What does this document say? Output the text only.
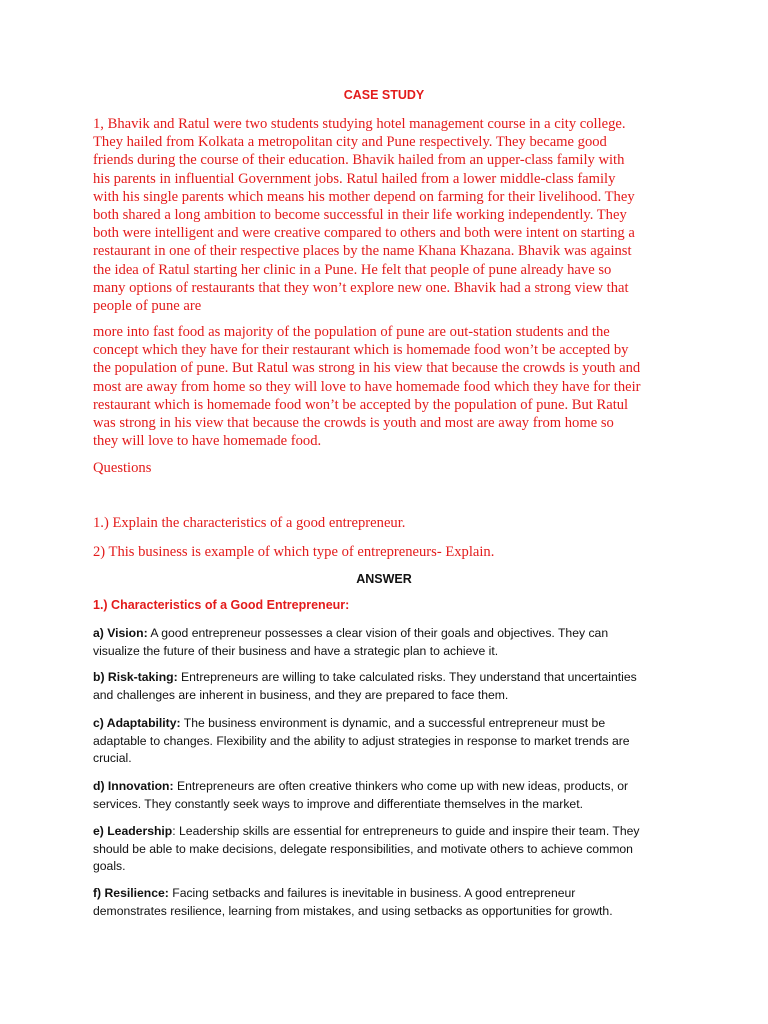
CASE STUDY
1, Bhavik and Ratul were two students studying hotel management course in a city college.
They hailed from Kolkata a metropolitan city and Pune respectively. They became good
friends during the course of their education. Bhavik hailed from an upper-class family with
his parents in influential Government jobs. Ratul hailed from a lower middle-class family
with his single parents which means his mother depend on farming for their livelihood. They
both shared a long ambition to become successful in their life working independently. They
both were intelligent and were creative compared to others and both were intent on starting a
restaurant in one of their respective places by the name Khana Khazana. Bhavik was against
the idea of Ratul starting her clinic in a Pune. He felt that people of pune already have so
many options of restaurants that they won’t explore new one. Bhavik had a strong view that
people of pune are
more into fast food as majority of the population of pune are out-station students and the
concept which they have for their restaurant which is homemade food won’t be accepted by
the population of pune. But Ratul was strong in his view that because the crowds is youth and
most are away from home so they will love to have homemade food which they have for their
restaurant which is homemade food won’t be accepted by the population of pune. But Ratul
was strong in his view that because the crowds is youth and most are away from home so
they will love to have homemade food.
Questions
1.) Explain the characteristics of a good entrepreneur.
2) This business is example of which type of entrepreneurs- Explain.
ANSWER
1.) Characteristics of a Good Entrepreneur:
a) Vision: A good entrepreneur possesses a clear vision of their goals and objectives. They can
visualize the future of their business and have a strategic plan to achieve it.
b) Risk-taking: Entrepreneurs are willing to take calculated risks. They understand that uncertainties
and challenges are inherent in business, and they are prepared to face them.
c) Adaptability: The business environment is dynamic, and a successful entrepreneur must be
adaptable to changes. Flexibility and the ability to adjust strategies in response to market trends are
crucial.
d) Innovation: Entrepreneurs are often creative thinkers who come up with new ideas, products, or
services. They constantly seek ways to improve and differentiate themselves in the market.
e) Leadership: Leadership skills are essential for entrepreneurs to guide and inspire their team. They
should be able to make decisions, delegate responsibilities, and motivate others to achieve common
goals.
f) Resilience: Facing setbacks and failures is inevitable in business. A good entrepreneur
demonstrates resilience, learning from mistakes, and using setbacks as opportunities for growth.
